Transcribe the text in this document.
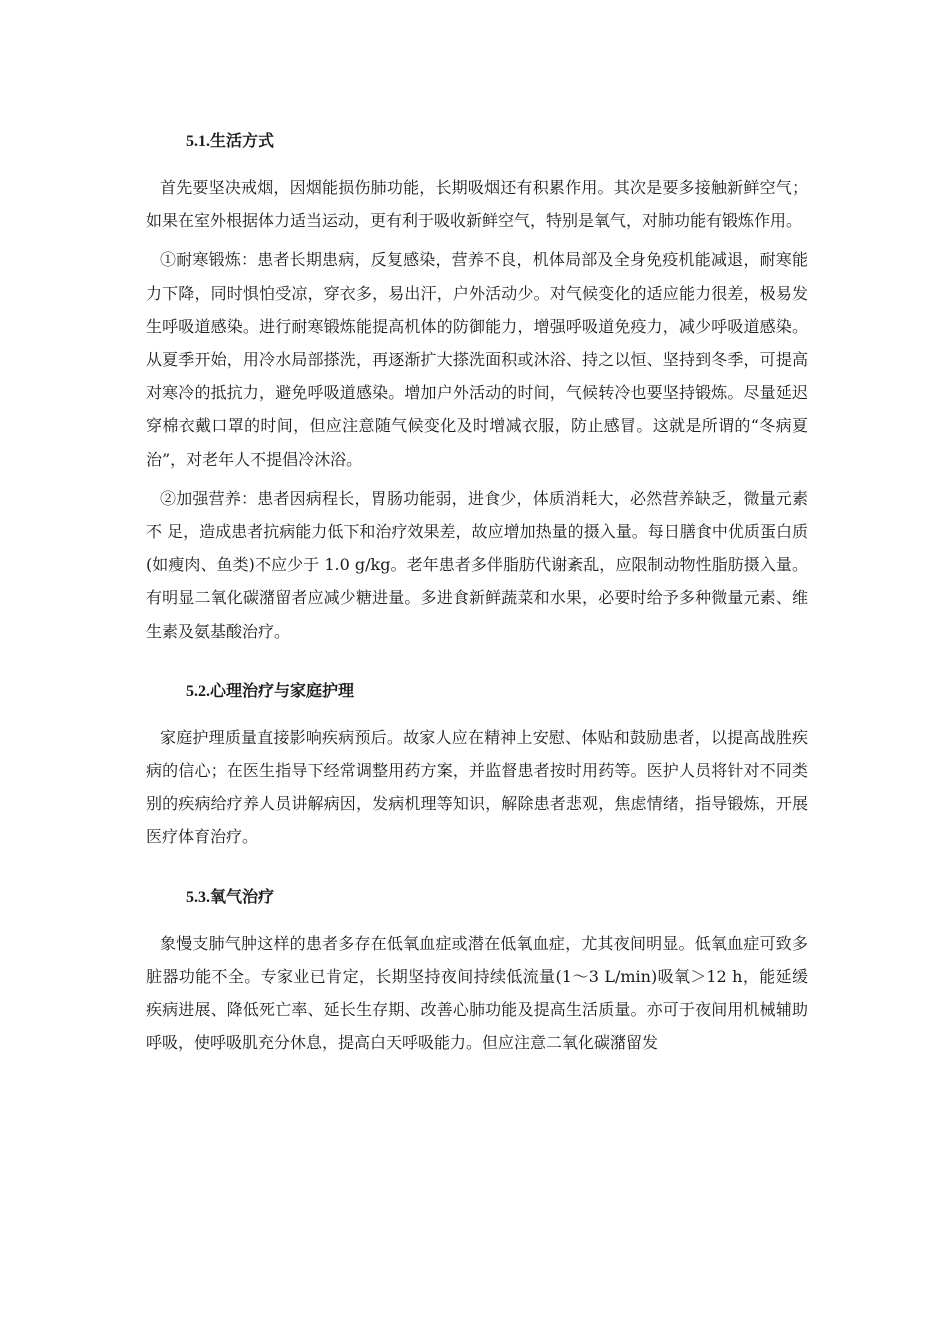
5.1.生活方式

首先要坚决戒烟，因烟能损伤肺功能，长期吸烟还有积累作用。其次是要多接触新鲜空气；如果在室外根据体力适当运动，更有利于吸收新鲜空气，特别是氧气，对肺功能有锻炼作用。

①耐寒锻炼：患者长期患病，反复感染，营养不良，机体局部及全身免疫机能减退，耐寒能力下降，同时惧怕受凉，穿衣多，易出汗，户外活动少。对气候变化的适应能力很差，极易发生呼吸道感染。进行耐寒锻炼能提高机体的防御能力，增强呼吸道免疫力，减少呼吸道感染。从夏季开始，用冷水局部搽洗，再逐渐扩大搽洗面积或沐浴、持之以恒、坚持到冬季，可提高对寒冷的抵抗力，避免呼吸道感染。增加户外活动的时间，气候转冷也要坚持锻炼。尽量延迟穿棉衣戴口罩的时间，但应注意随气候变化及时增减衣服，防止感冒。这就是所谓的“冬病夏治”，对老年人不提倡冷沐浴。

②加强营养：患者因病程长，胃肠功能弱，进食少，体质消耗大，必然营养缺乏，微量元素不 足，造成患者抗病能力低下和治疗效果差，故应增加热量的摄入量。每日膳食中优质蛋白质(如瘦肉、鱼类)不应少于 1.0 g/kg。老年患者多伴脂肪代谢紊乱，应限制动物性脂肪摄入量。有明显二氧化碳潴留者应减少糖进量。多进食新鲜蔬菜和水果，必要时给予多种微量元素、维生素及氨基酸治疗。

5.2.心理治疗与家庭护理

家庭护理质量直接影响疾病预后。故家人应在精神上安慰、体贴和鼓励患者，以提高战胜疾病的信心；在医生指导下经常调整用药方案，并监督患者按时用药等。医护人员将针对不同类别的疾病给疗养人员讲解病因，发病机理等知识，解除患者悲观，焦虑情绪，指导锻炼，开展医疗体育治疗。

5.3.氧气治疗

象慢支肺气肿这样的患者多存在低氧血症或潜在低氧血症，尤其夜间明显。低氧血症可致多脏器功能不全。专家业已肯定，长期坚持夜间持续低流量(1～3 L/min)吸氧＞12 h，能延缓疾病进展、降低死亡率、延长生存期、改善心肺功能及提高生活质量。亦可于夜间用机械辅助呼吸，使呼吸肌充分休息，提高白天呼吸能力。但应注意二氧化碳潴留发
